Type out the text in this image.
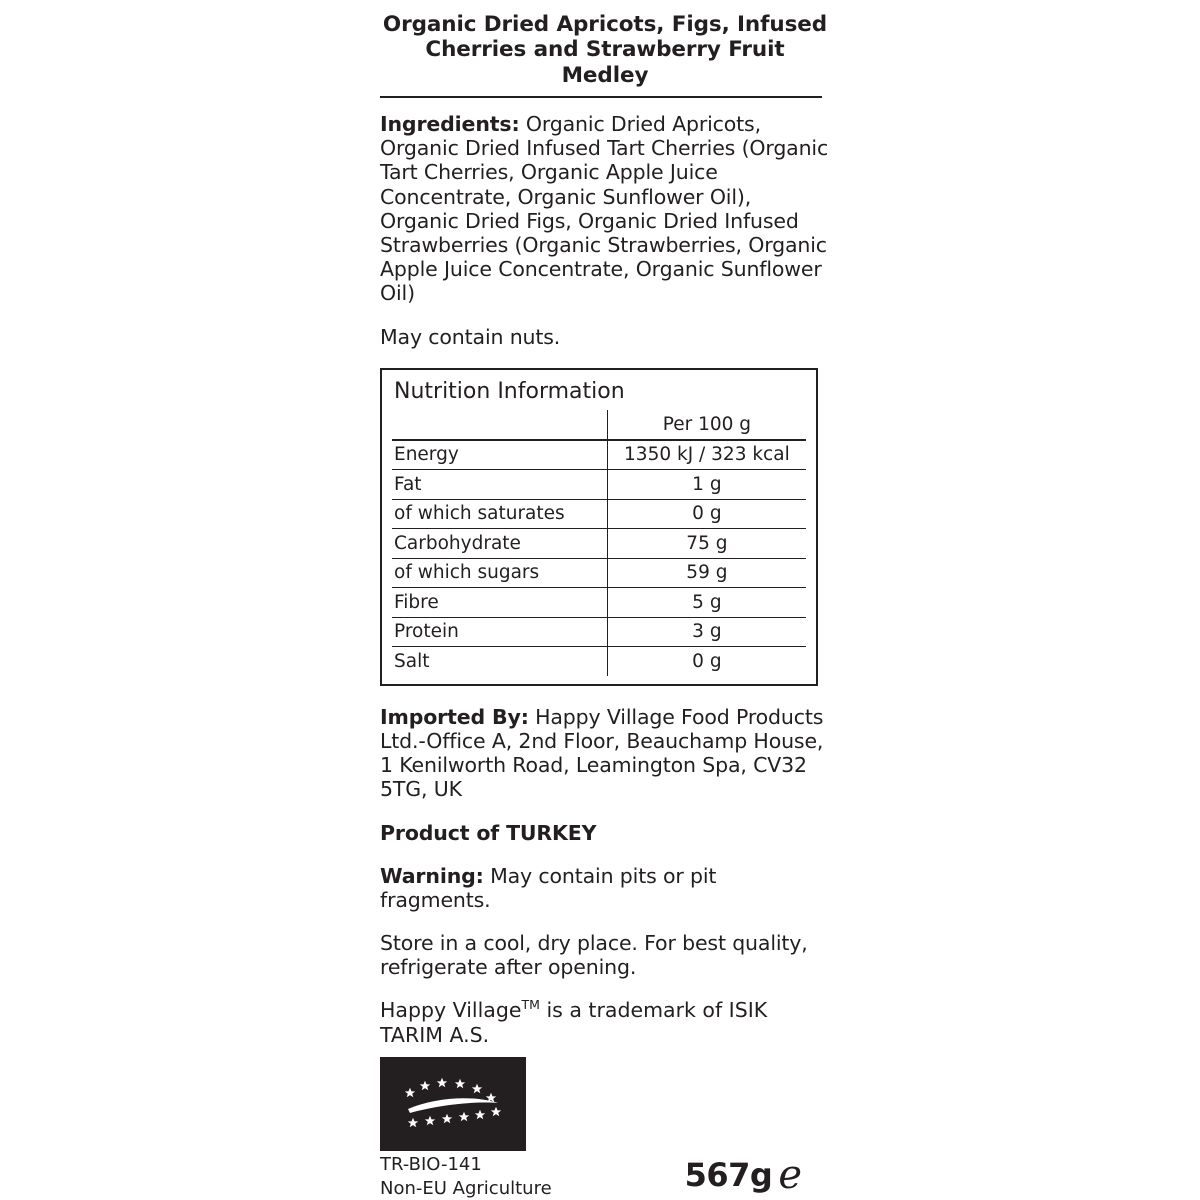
Organic Dried Apricots, Figs, Infused Cherries and Strawberry Fruit Medley
Ingredients: Organic Dried Apricots, Organic Dried Infused Tart Cherries (Organic Tart Cherries, Organic Apple Juice Concentrate, Organic Sunflower Oil), Organic Dried Figs, Organic Dried Infused Strawberries (Organic Strawberries, Organic Apple Juice Concentrate, Organic Sunflower Oil)
May contain nuts.
Nutrition Information
	Per 100 g
Energy	1350 kJ / 323 kcal
Fat	1 g
of which saturates	0 g
Carbohydrate	75 g
of which sugars	59 g
Fibre	5 g
Protein	3 g
Salt	0 g
Imported By: Happy Village Food Products Ltd.-Office A, 2nd Floor, Beauchamp House, 1 Kenilworth Road, Leamington Spa, CV32 5TG, UK
Product of TURKEY
Warning: May contain pits or pit fragments.
Store in a cool, dry place. For best quality, refrigerate after opening.
Happy Village™ is a trademark of ISIK TARIM A.S.
TR-BIO-141
Non-EU Agriculture	567g e
